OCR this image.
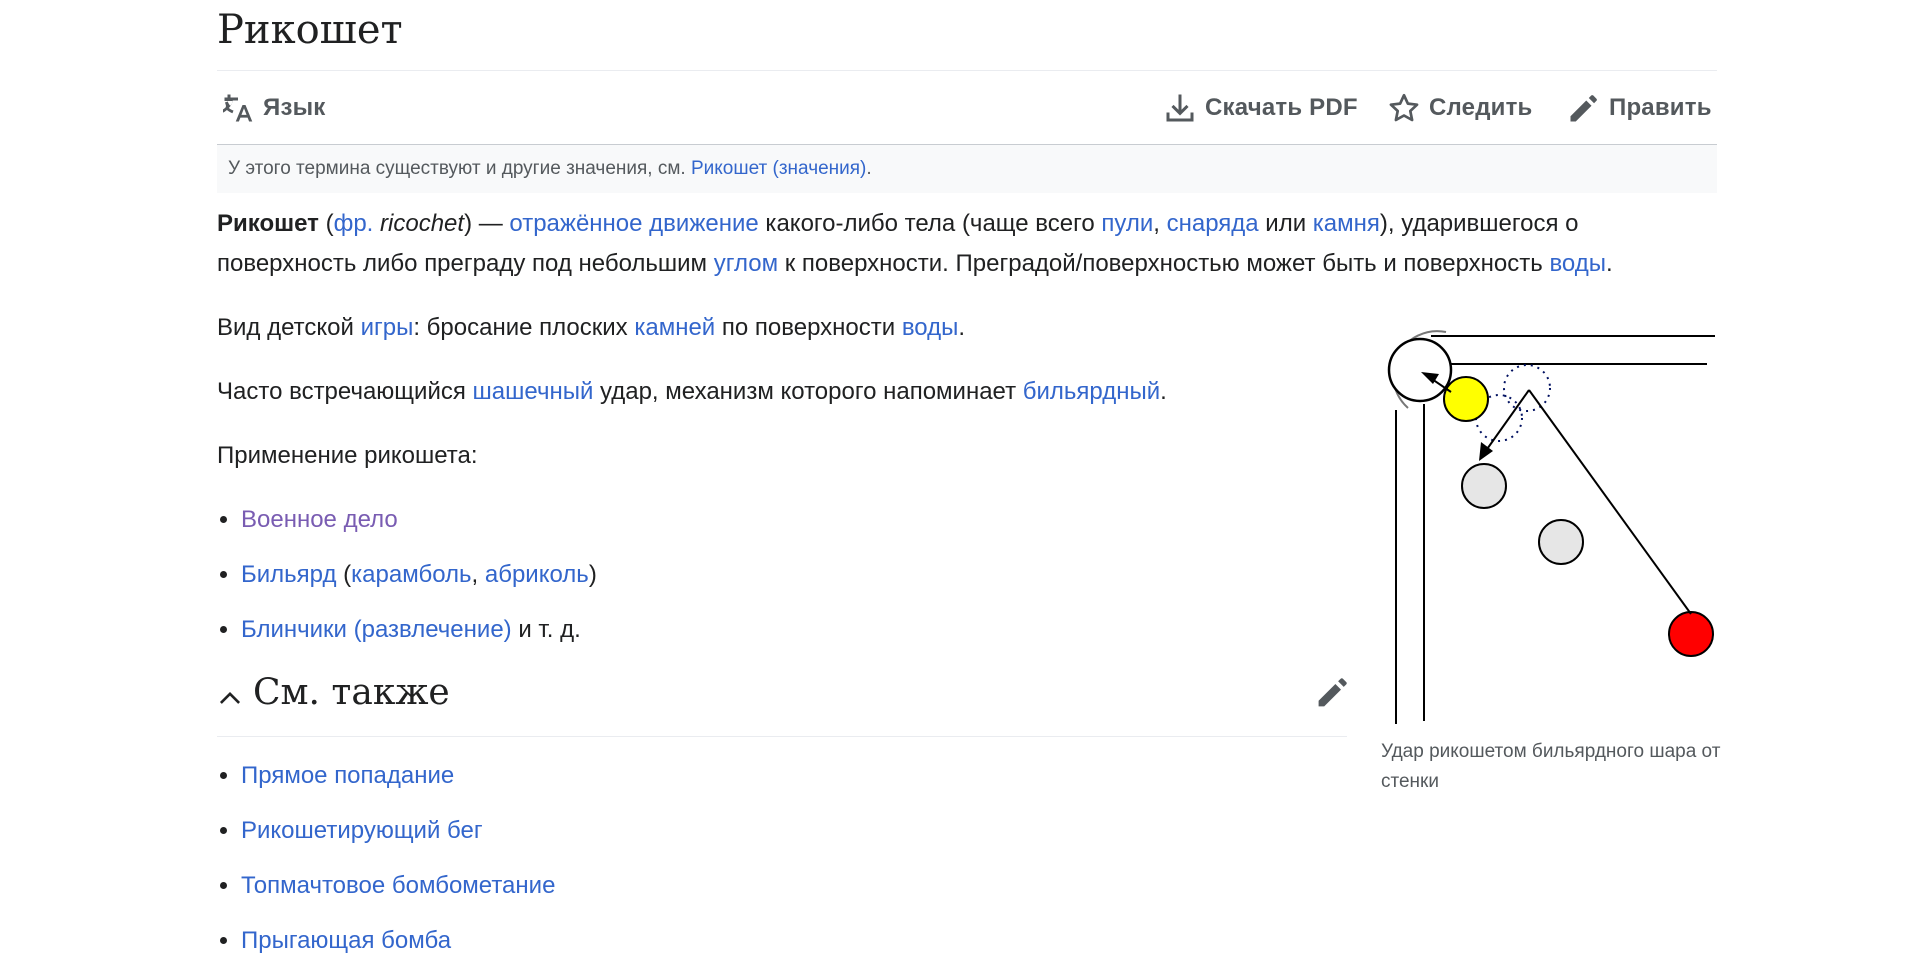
Рикошет
Язык	Скачать PDF	Следить	Править
У этого термина существуют и другие значения, см. Рикошет (значения).
Рикошет (фр. ricochet) — отражённое движение какого-либо тела (чаще всего пули, снаряда или камня), ударившегося о
поверхность либо преграду под небольшим углом к поверхности. Преградой/поверхностью может быть и поверхность воды.
Вид детской игры: бросание плоских камней по поверхности воды.
Часто встречающийся шашечный удар, механизм которого напоминает бильярдный.
Применение рикошета:
• Военное дело
• Бильярд (карамболь, абриколь)
• Блинчики (развлечение) и т. д.
См. также
• Прямое попадание
• Рикошетирующий бег
• Топмачтовое бомбометание
• Прыгающая бомба
Удар рикошетом бильярдного шара от стенки
